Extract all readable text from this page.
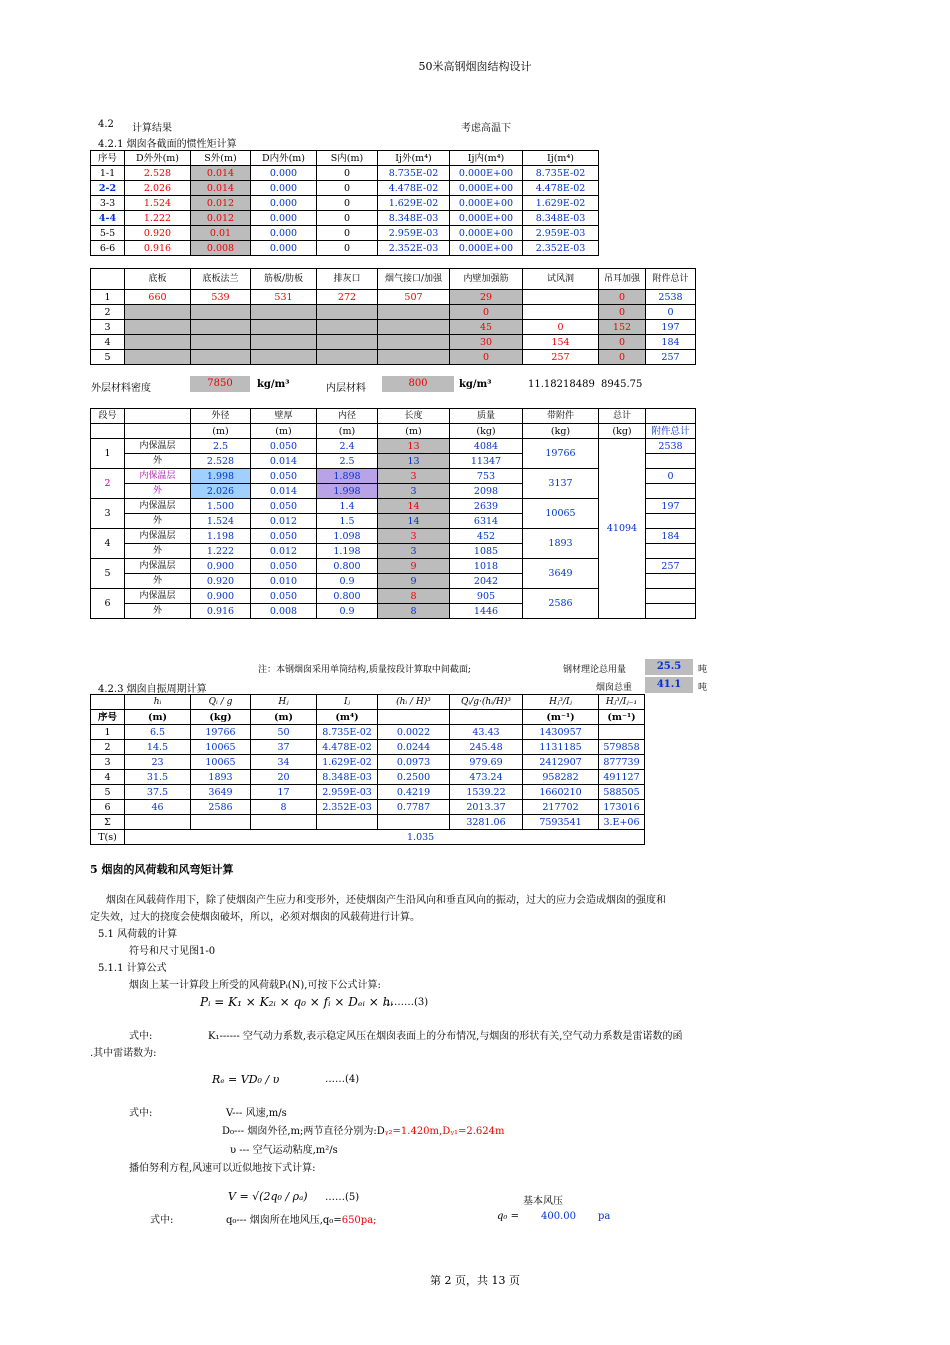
50米高钢烟囱结构设计
4.2 计算结果	考虑高温下
4.2.1 烟囱各截面的惯性矩计算
序号	D外外(m)	S外(m)	D内外(m)	S内(m)	Ij外(m⁴)	Ij内(m⁴)	Ij(m⁴)
1-1	2.528	0.014	0.000	0	8.735E-02	0.000E+00	8.735E-02
2-2	2.026	0.014	0.000	0	4.478E-02	0.000E+00	4.478E-02
3-3	1.524	0.012	0.000	0	1.629E-02	0.000E+00	1.629E-02
4-4	1.222	0.012	0.000	0	8.348E-03	0.000E+00	8.348E-03
5-5	0.920	0.01	0.000	0	2.959E-03	0.000E+00	2.959E-03
6-6	0.916	0.008	0.000	0	2.352E-03	0.000E+00	2.352E-03
	底板	底板法兰	筋板/肋板	排灰口	烟气接口/加强	内壁加强筋	试风洞	吊耳加强	附件总计
1	660	539	531	272	507	29		0	2538
2						0		0	0
3						45	0	152	197
4						30	154	0	184
5						0	257	0	257
外层材料密度	7850	kg/m³	内层材料	800	kg/m³	11.18218489 8945.75
段号		外径	壁厚	内径	长度	质量	带附件	总计	
		(m)	(m)	(m)	(m)	(kg)	(kg)	(kg)	附件总计
1	内保温层	2.5	0.050	2.4	13	4084	19766	41094	2538
	外	2.528	0.014	2.5	13	11347			
2	内保温层	1.998	0.050	1.898	3	753	3137		0
	外	2.026	0.014	1.998	3	2098			
3	内保温层	1.500	0.050	1.4	14	2639	10065		197
	外	1.524	0.012	1.5	14	6314			
4	内保温层	1.198	0.050	1.098	3	452	1893		184
	外	1.222	0.012	1.198	3	1085			
5	内保温层	0.900	0.050	0.800	9	1018	3649		257
	外	0.920	0.010	0.9	9	2042			
6	内保温层	0.900	0.050	0.800	8	905	2586		
	外	0.916	0.008	0.9	8	1446			
注：本钢烟囱采用单筒结构,质量按段计算取中间截面;	钢材理论总用量	25.5	吨
烟囱总重	41.1	吨
4.2.3 烟囱自振周期计算
	hᵢ	Qᵢ / g	Hⱼ	Iⱼ	(hᵢ / H)³	Qᵢ/g·(hᵢ/H)³	Hⱼ³/Iⱼ	Hⱼ³/Iⱼ₋₁
序号	(m)	(kg)	(m)	(m⁴)			(m⁻¹)	(m⁻¹)
1	6.5	19766	50	8.735E-02	0.0022	43.43	1430957	
2	14.5	10065	37	4.478E-02	0.0244	245.48	1131185	579858
3	23	10065	34	1.629E-02	0.0973	979.69	2412907	877739
4	31.5	1893	20	8.348E-03	0.2500	473.24	958282	491127
5	37.5	3649	17	2.959E-03	0.4219	1539.22	1660210	588505
6	46	2586	8	2.352E-03	0.7787	2013.37	217702	173016
Σ						3281.06	7593541	3.E+06
T(s)	1.035							
5 烟囱的风荷载和风弯矩计算
烟囱在风载荷作用下，除了使烟囱产生应力和变形外，还使烟囱产生沿风向和垂直风向的振动，过大的应力会造成烟囱的强度和
定失效，过大的挠度会使烟囱破坏，所以，必须对烟囱的风载荷进行计算。
5.1 风荷载的计算
符号和尺寸见图1-0
5.1.1 计算公式
烟囱上某一计算段上所受的风荷载Pᵢ(N),可按下公式计算:
Pᵢ = K₁ × K₂ᵢ × q₀ × fᵢ × Dₑᵢ × hᵢ
………(3)
式中:	K₁------ 空气动力系数,表示稳定风压在烟囱表面上的分布情况,与烟囱的形状有关,空气动力系数是雷诺数的函
.其中雷诺数为:
Rₑ = VD₀ / υ	……(4)
式中:	V--- 风速,m/s
D₀--- 烟囱外径,m;两节直径分别为:Dᵧ₂=1.420m,Dᵧ₁=2.624m
υ --- 空气运动粘度,m²/s
播伯努利方程,风速可以近似地按下式计算:
V = √(2q₀ / ρₐ) ……(5)	基本风压
式中:	q₀--- 烟囱所在地风压,q₀=650pa;	q₀ = 400.00 pa
第 2 页，共 13 页
